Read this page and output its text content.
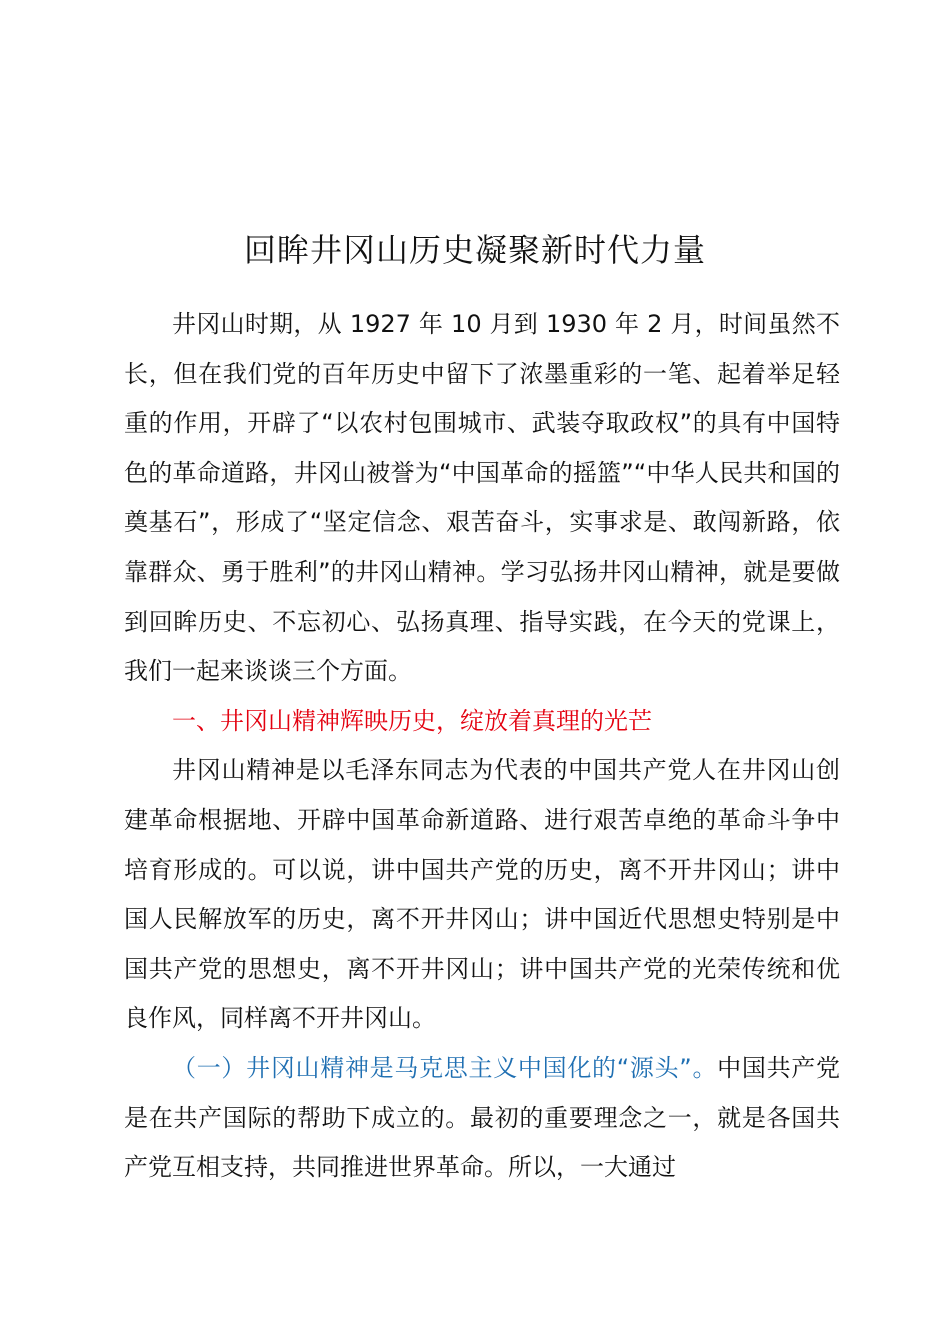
回眸井冈山历史凝聚新时代力量

井冈山时期，从 1927 年 10 月到 1930 年 2 月，时间虽然不长，但在我们党的百年历史中留下了浓墨重彩的一笔、起着举足轻重的作用，开辟了“以农村包围城市、武装夺取政权”的具有中国特色的革命道路，井冈山被誉为“中国革命的摇篮”“中华人民共和国的奠基石”，形成了“坚定信念、艰苦奋斗，实事求是、敢闯新路，依靠群众、勇于胜利”的井冈山精神。学习弘扬井冈山精神，就是要做到回眸历史、不忘初心、弘扬真理、指导实践，在今天的党课上，我们一起来谈谈三个方面。

一、井冈山精神辉映历史，绽放着真理的光芒

井冈山精神是以毛泽东同志为代表的中国共产党人在井冈山创建革命根据地、开辟中国革命新道路、进行艰苦卓绝的革命斗争中培育形成的。可以说，讲中国共产党的历史，离不开井冈山；讲中国人民解放军的历史，离不开井冈山；讲中国近代思想史特别是中国共产党的思想史，离不开井冈山；讲中国共产党的光荣传统和优良作风，同样离不开井冈山。

（一）井冈山精神是马克思主义中国化的“源头”。中国共产党是在共产国际的帮助下成立的。最初的重要理念之一，就是各国共产党互相支持，共同推进世界革命。所以，一大通过
